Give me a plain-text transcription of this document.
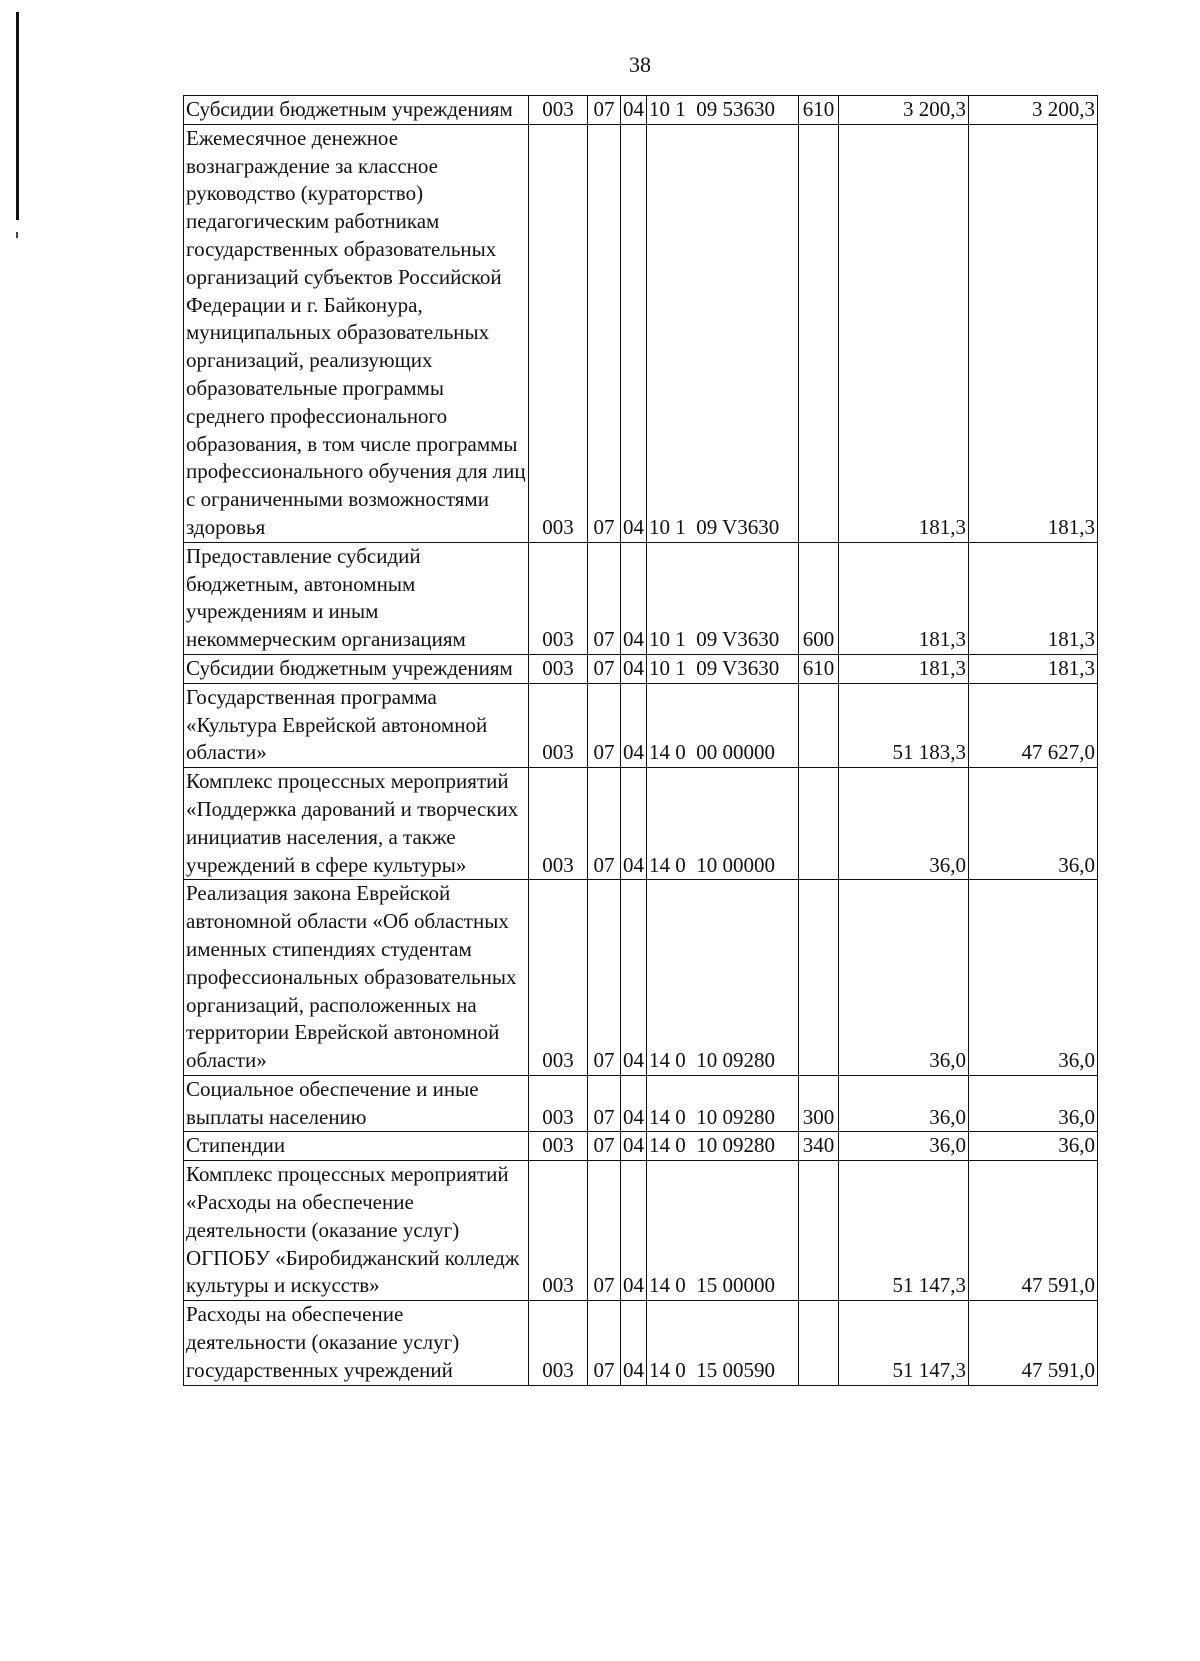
38
Субсидии бюджетным учреждениям	003	07	04	10 1  09 53630	610	3 200,3	3 200,3
Ежемесячное денежное вознаграждение за классное руководство (кураторство) педагогическим работникам государственных образовательных организаций субъектов Российской Федерации и г. Байконура, муниципальных образовательных организаций, реализующих образовательные программы среднего профессионального образования, в том числе программы профессионального обучения для лиц с ограниченными возможностями здоровья	003	07	04	10 1  09 V3630		181,3	181,3
Предоставление субсидий бюджетным, автономным учреждениям и иным некоммерческим организациям	003	07	04	10 1  09 V3630	600	181,3	181,3
Субсидии бюджетным учреждениям	003	07	04	10 1  09 V3630	610	181,3	181,3
Государственная программа «Культура Еврейской автономной области»	003	07	04	14 0  00 00000		51 183,3	47 627,0
Комплекс процессных мероприятий «Поддержка дарований и творческих инициатив населения, а также учреждений в сфере культуры»	003	07	04	14 0  10 00000		36,0	36,0
Реализация закона Еврейской автономной области «Об областных именных стипендиях студентам профессиональных образовательных организаций, расположенных на территории Еврейской автономной области»	003	07	04	14 0  10 09280		36,0	36,0
Социальное обеспечение и иные выплаты населению	003	07	04	14 0  10 09280	300	36,0	36,0
Стипендии	003	07	04	14 0  10 09280	340	36,0	36,0
Комплекс процессных мероприятий «Расходы на обеспечение деятельности (оказание услуг) ОГПОБУ «Биробиджанский колледж культуры и искусств»	003	07	04	14 0  15 00000		51 147,3	47 591,0
Расходы на обеспечение деятельности (оказание услуг) государственных учреждений	003	07	04	14 0  15 00590		51 147,3	47 591,0
